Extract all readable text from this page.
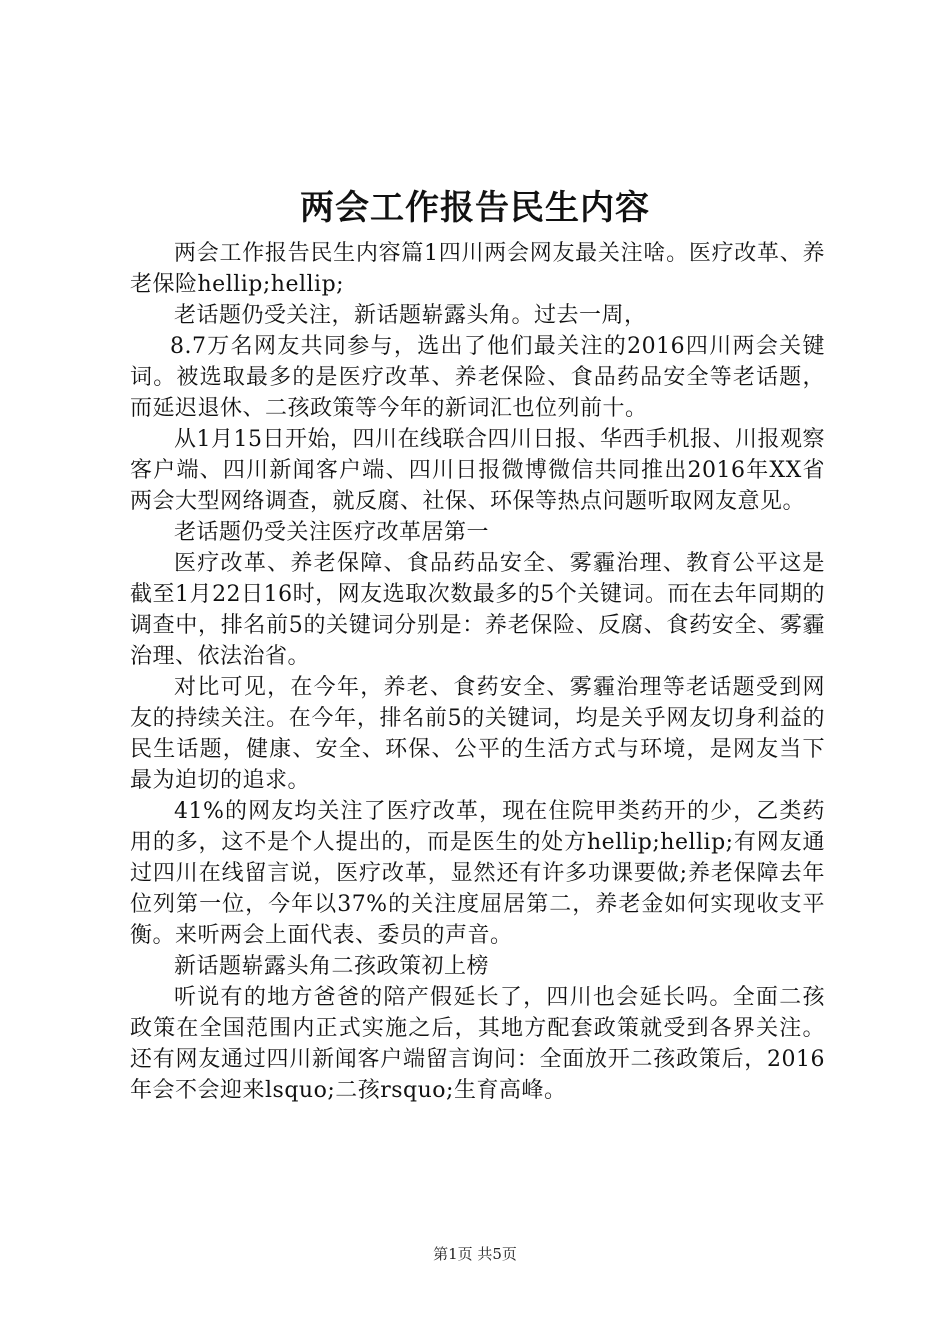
两会工作报告民生内容

两会工作报告民生内容篇1四川两会网友最关注啥。医疗改革、养老保险hellip;hellip;

老话题仍受关注，新话题崭露头角。过去一周，

8.7万名网友共同参与，选出了他们最关注的2016四川两会关键词。被选取最多的是医疗改革、养老保险、食品药品安全等老话题，而延迟退休、二孩政策等今年的新词汇也位列前十。

从1月15日开始，四川在线联合四川日报、华西手机报、川报观察客户端、四川新闻客户端、四川日报微博微信共同推出2016年XX省两会大型网络调查，就反腐、社保、环保等热点问题听取网友意见。

老话题仍受关注医疗改革居第一

医疗改革、养老保障、食品药品安全、雾霾治理、教育公平这是截至1月22日16时，网友选取次数最多的5个关键词。而在去年同期的调查中，排名前5的关键词分别是：养老保险、反腐、食药安全、雾霾治理、依法治省。

对比可见，在今年，养老、食药安全、雾霾治理等老话题受到网友的持续关注。在今年，排名前5的关键词，均是关乎网友切身利益的民生话题，健康、安全、环保、公平的生活方式与环境，是网友当下最为迫切的追求。

41%的网友均关注了医疗改革，现在住院甲类药开的少，乙类药用的多，这不是个人提出的，而是医生的处方hellip;hellip;有网友通过四川在线留言说，医疗改革，显然还有许多功课要做;养老保障去年位列第一位，今年以37%的关注度屈居第二，养老金如何实现收支平衡。来听两会上面代表、委员的声音。

新话题崭露头角二孩政策初上榜

听说有的地方爸爸的陪产假延长了，四川也会延长吗。全面二孩政策在全国范围内正式实施之后，其地方配套政策就受到各界关注。还有网友通过四川新闻客户端留言询问：全面放开二孩政策后，2016年会不会迎来lsquo;二孩rsquo;生育高峰。

第1页 共5页
